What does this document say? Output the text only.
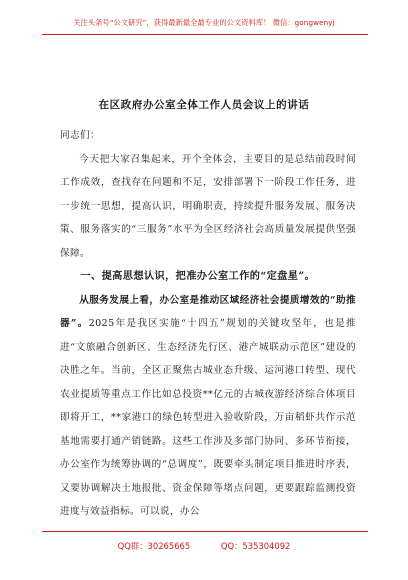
关注头条号“公文研究”，获得最新最全最专业的公文资料库！ 微信：gongwenyj
在区政府办公室全体工作人员会议上的讲话

同志们：

今天把大家召集起来，开个全体会，主要目的是总结前段时间工作成效，查找存在问题和不足，安排部署下一阶段工作任务，进一步统一思想，提高认识，明确职责，持续提升服务发展、服务决策、服务落实的“三服务”水平为全区经济社会高质量发展提供坚强保障。

一、提高思想认识，把准办公室工作的“定盘星”。

从服务发展上看，办公室是推动区域经济社会提质增效的“助推器”。2025年是我区实施“十四五”规划的关键攻坚年，也是推进“文旅融合创新区、生态经济先行区、港产城联动示范区”建设的决胜之年。当前，全区正聚焦古城业态升级、运河港口转型、现代农业提质等重点工作比如总投资**亿元的古城夜游经济综合体项目即将开工，**家港口的绿色转型进入验收阶段，万亩稻虾共作示范基地需要打通产销链路。这些工作涉及多部门协同、多环节衔接，办公室作为统筹协调的“总调度”，既要牵头制定项目推进时序表，又要协调解决土地报批、资金保障等堵点问题，更要跟踪监测投资进度与效益指标。可以说，办公

QQ群：30265665	QQ：535304092
